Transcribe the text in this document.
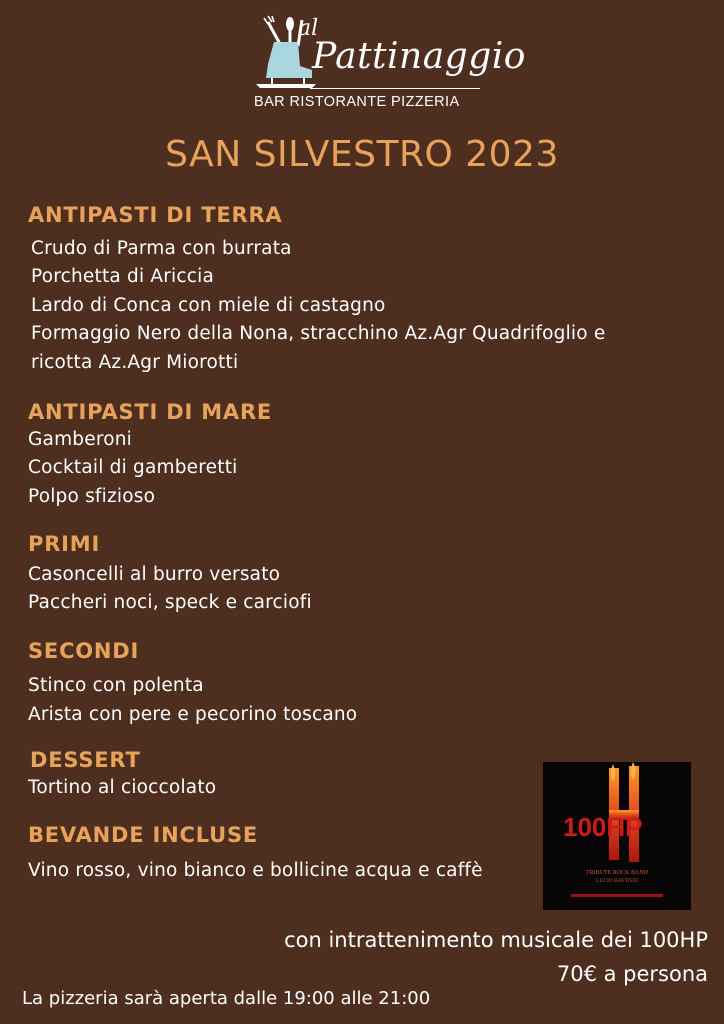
al
Pattinaggio
BAR RISTORANTE PIZZERIA
SAN SILVESTRO 2023
ANTIPASTI DI TERRA
Crudo di Parma con burrata
Porchetta di Ariccia
Lardo di Conca con miele di castagno
Formaggio Nero della Nona, stracchino Az.Agr Quadrifoglio e
ricotta Az.Agr Miorotti
ANTIPASTI DI MARE
Gamberoni
Cocktail di gamberetti
Polpo sfizioso
PRIMI
Casoncelli al burro versato
Paccheri noci, speck e carciofi
SECONDI
Stinco con polenta
Arista con pere e pecorino toscano
DESSERT
Tortino al cioccolato
BEVANDE INCLUSE
Vino rosso, vino bianco e bollicine acqua e caffè
100HP
TRIBUTE ROCK BAND
LUCIO BATTISTI
con intrattenimento musicale dei 100HP
70€ a persona
La pizzeria sarà aperta dalle 19:00 alle 21:00
